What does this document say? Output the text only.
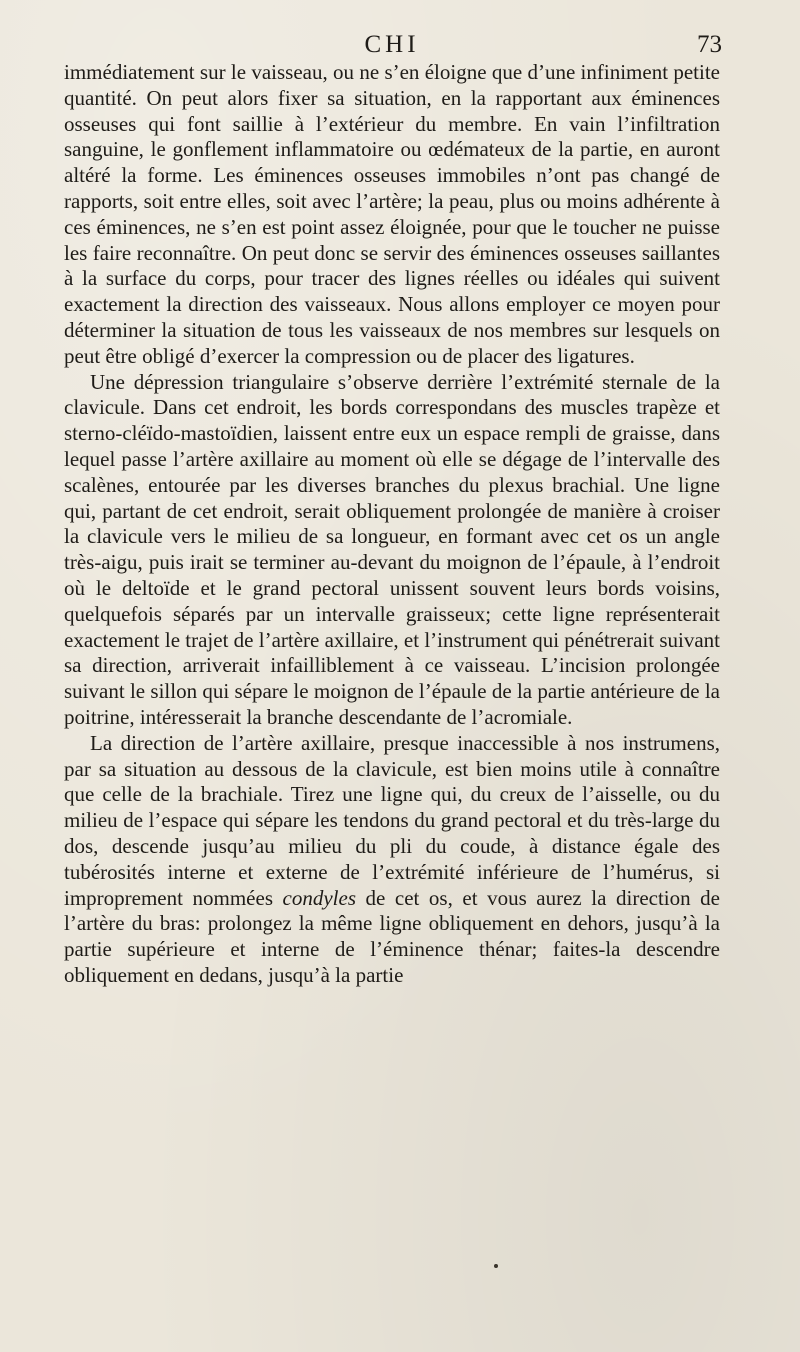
CHI	73

immédiatement sur le vaisseau, ou ne s’en éloigne que d’une infiniment petite quantité. On peut alors fixer sa situation, en la rapportant aux éminences osseuses qui font saillie à l’extérieur du membre. En vain l’infiltration sanguine, le gonflement inflammatoire ou œdémateux de la partie, en auront altéré la forme. Les éminences osseuses immobiles n’ont pas changé de rapports, soit entre elles, soit avec l’artère; la peau, plus ou moins adhérente à ces éminences, ne s’en est point assez éloignée, pour que le toucher ne puisse les faire reconnaître. On peut donc se servir des éminences osseuses saillantes à la surface du corps, pour tracer des lignes réelles ou idéales qui suivent exactement la direction des vaisseaux. Nous allons employer ce moyen pour déterminer la situation de tous les vaisseaux de nos membres sur lesquels on peut être obligé d’exercer la compression ou de placer des ligatures.

Une dépression triangulaire s’observe derrière l’extrémité sternale de la clavicule. Dans cet endroit, les bords correspondans des muscles trapèze et sterno-cléïdo-mastoïdien, laissent entre eux un espace rempli de graisse, dans lequel passe l’artère axillaire au moment où elle se dégage de l’intervalle des scalènes, entourée par les diverses branches du plexus brachial. Une ligne qui, partant de cet endroit, serait obliquement prolongée de manière à croiser la clavicule vers le milieu de sa longueur, en formant avec cet os un angle très-aigu, puis irait se terminer au-devant du moignon de l’épaule, à l’endroit où le deltoïde et le grand pectoral unissent souvent leurs bords voisins, quelquefois séparés par un intervalle graisseux; cette ligne représenterait exactement le trajet de l’artère axillaire, et l’instrument qui pénétrerait suivant sa direction, arriverait infailliblement à ce vaisseau. L’incision prolongée suivant le sillon qui sépare le moignon de l’épaule de la partie antérieure de la poitrine, intéresserait la branche descendante de l’acromiale.

La direction de l’artère axillaire, presque inaccessible à nos instrumens, par sa situation au dessous de la clavicule, est bien moins utile à connaître que celle de la brachiale. Tirez une ligne qui, du creux de l’aisselle, ou du milieu de l’espace qui sépare les tendons du grand pectoral et du très-large du dos, descende jusqu’au milieu du pli du coude, à distance égale des tubérosités interne et externe de l’extrémité inférieure de l’humérus, si improprement nommées condyles de cet os, et vous aurez la direction de l’artère du bras: prolongez la même ligne obliquement en dehors, jusqu’à la partie supérieure et interne de l’éminence thénar; faites-la descendre obliquement en dedans, jusqu’à la partie
